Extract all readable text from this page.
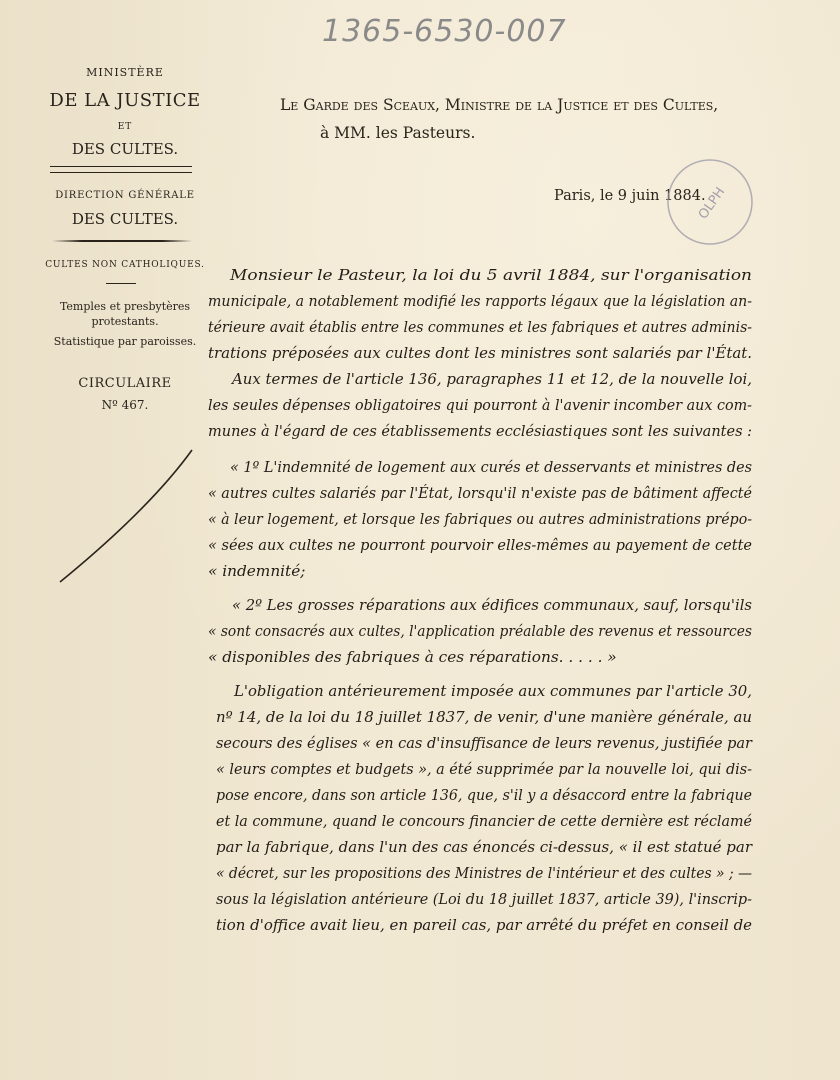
1365-6530-007
MINISTÈRE
DE LA JUSTICE
ET
DES CULTES.
DIRECTION GÉNÉRALE
DES CULTES.
CULTES NON CATHOLIQUES.
Temples et presbytères
protestants.
Statistique par paroisses.
CIRCULAIRE
Nº 467.
Le Garde des Sceaux, Ministre de la Justice et des Cultes,
à MM. les Pasteurs.
Paris, le 9 juin 1884.
OLPH
Monsieur le Pasteur, la loi du 5 avril 1884, sur l'organisation
municipale, a notablement modifié les rapports légaux que la législation an-
térieure avait établis entre les communes et les fabriques et autres adminis-
trations préposées aux cultes dont les ministres sont salariés par l'État.
Aux termes de l'article 136, paragraphes 11 et 12, de la nouvelle loi,
les seules dépenses obligatoires qui pourront à l'avenir incomber aux com-
munes à l'égard de ces établissements ecclésiastiques sont les suivantes :
« 1º L'indemnité de logement aux curés et desservants et ministres des
« autres cultes salariés par l'État, lorsqu'il n'existe pas de bâtiment affecté
« à leur logement, et lorsque les fabriques ou autres administrations prépo-
« sées aux cultes ne pourront pourvoir elles-mêmes au payement de cette
« indemnité;
« 2º Les grosses réparations aux édifices communaux, sauf, lorsqu'ils
« sont consacrés aux cultes, l'application préalable des revenus et ressources
« disponibles des fabriques à ces réparations. . . . . »
L'obligation antérieurement imposée aux communes par l'article 30,
nº 14, de la loi du 18 juillet 1837, de venir, d'une manière générale, au
secours des églises « en cas d'insuffisance de leurs revenus, justifiée par
« leurs comptes et budgets », a été supprimée par la nouvelle loi, qui dis-
pose encore, dans son article 136, que, s'il y a désaccord entre la fabrique
et la commune, quand le concours financier de cette dernière est réclamé
par la fabrique, dans l'un des cas énoncés ci-dessus, « il est statué par
« décret, sur les propositions des Ministres de l'intérieur et des cultes » ; —
sous la législation antérieure (Loi du 18 juillet 1837, article 39), l'inscrip-
tion d'office avait lieu, en pareil cas, par arrêté du préfet en conseil de
